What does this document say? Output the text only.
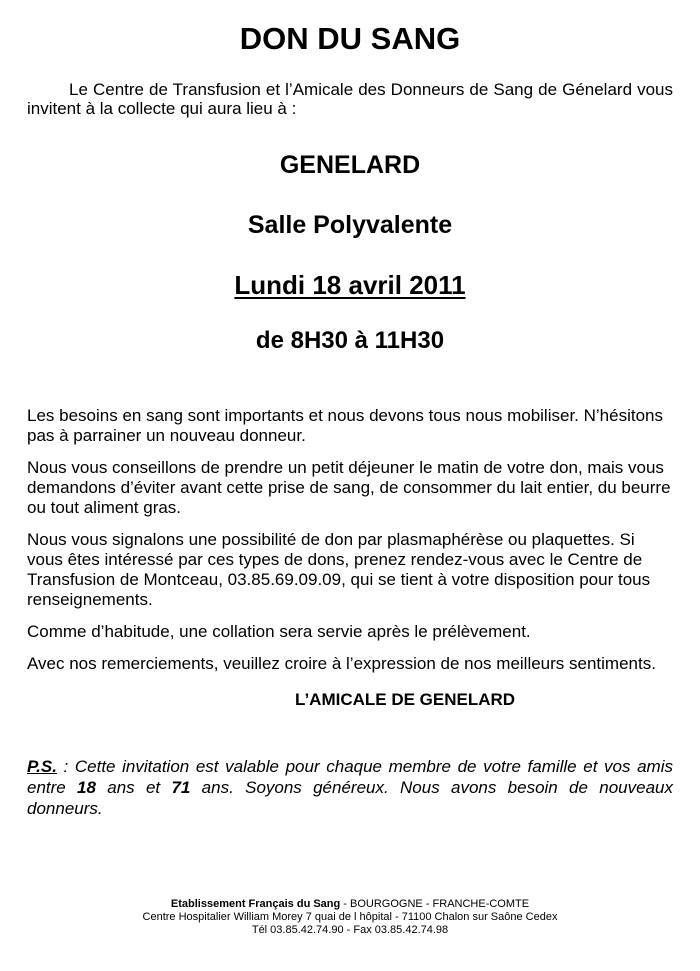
DON DU SANG

Le Centre de Transfusion et l’Amicale des Donneurs de Sang de Génelard vous invitent à la collecte qui aura lieu à :

GENELARD
Salle Polyvalente
Lundi 18 avril 2011
de 8H30 à 11H30

Les besoins en sang sont importants et nous devons tous nous mobiliser. N’hésitons pas à parrainer un nouveau donneur.

Nous vous conseillons de prendre un petit déjeuner le matin de votre don, mais vous demandons d’éviter avant cette prise de sang, de consommer du lait entier, du beurre ou tout aliment gras.

Nous vous signalons une possibilité de don par plasmaphérèse ou plaquettes. Si vous êtes intéressé par ces types de dons, prenez rendez-vous avec le Centre de Transfusion de Montceau, 03.85.69.09.09, qui se tient à votre disposition pour tous renseignements.

Comme d’habitude, une collation sera servie après le prélèvement.

Avec nos remerciements, veuillez croire à l’expression de nos meilleurs sentiments.

L’AMICALE DE GENELARD
P.S. : Cette invitation est valable pour chaque membre de votre famille et vos amis entre 18 ans et 71 ans. Soyons généreux. Nous avons besoin de nouveaux donneurs.
Etablissement Français du Sang - BOURGOGNE - FRANCHE-COMTE
Centre Hospitalier William Morey 7 quai de l hôpital - 71100 Chalon sur Saône Cedex
Tél 03.85.42.74.90 - Fax 03.85.42.74.98
